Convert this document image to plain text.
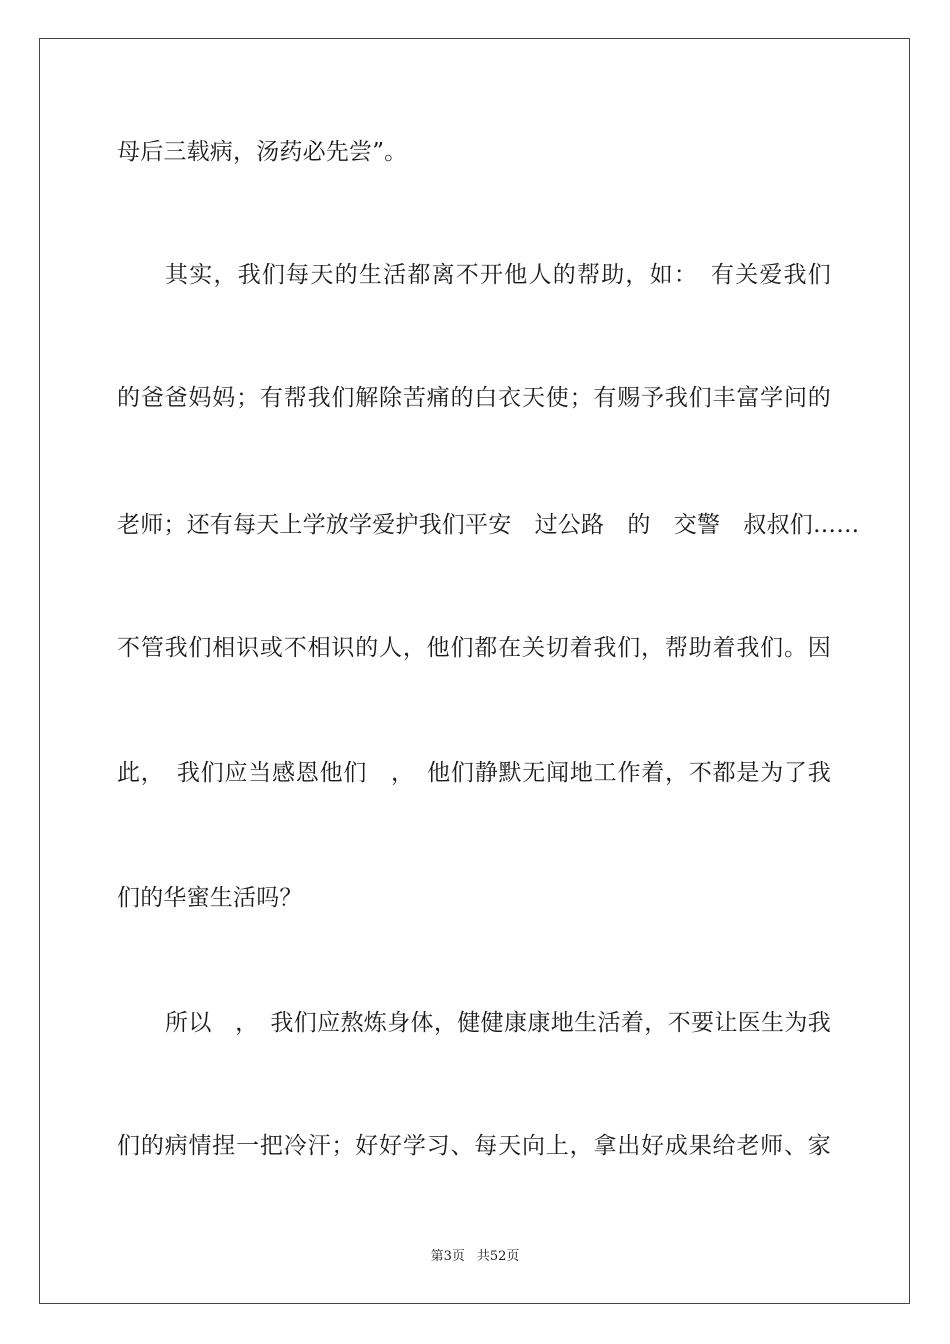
母后三载病，汤药必先尝”。
其实，我们每天的生活都离不开他人的帮助，如：　有关爱我们
的爸爸妈妈；有帮我们解除苦痛的白衣天使；有赐予我们丰富学问的
老师；还有每天上学放学爱护我们平安　过公路　的　交警　叔叔们……
不管我们相识或不相识的人，他们都在关切着我们，帮助着我们。因
此，　我们应当感恩他们　，　他们静默无闻地工作着，不都是为了我
们的华蜜生活吗？
所以　，　我们应熬炼身体，健健康康地生活着，不要让医生为我
们的病情捏一把冷汗；好好学习、每天向上，拿出好成果给老师、家
第3页 共52页
